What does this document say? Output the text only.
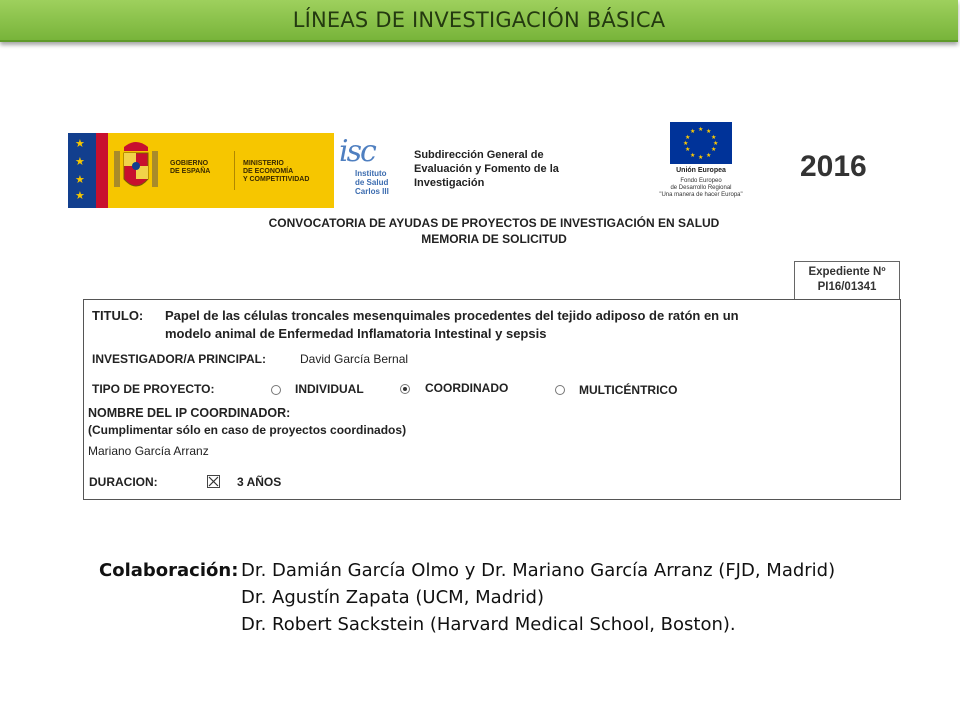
LÍNEAS DE INVESTIGACIÓN BÁSICA
★
★
★
★
GOBIERNO
DE ESPAÑA
MINISTERIO
DE ECONOMÍA
Y COMPETITIVIDAD
isc
Instituto
de Salud
Carlos III
Subdirección General de
Evaluación y Fomento de la
Investigación
★ ★
★
★
★
★
★
★
★
★
★
★
Unión Europea
Fondo Europeo
de Desarrollo Regional
"Una manera de hacer Europa"
2016
CONVOCATORIA DE AYUDAS DE PROYECTOS DE INVESTIGACIÓN EN SALUD
MEMORIA DE SOLICITUD
Expediente Nº
PI16/01341
TITULO: Papel de las células troncales mesenquimales procedentes del tejido adiposo de ratón en un
modelo animal de Enfermedad Inflamatoria Intestinal y sepsis
INVESTIGADOR/A PRINCIPAL:	David García Bernal
TIPO DE PROYECTO:	INDIVIDUAL	COORDINADO	MULTICÉNTRICO
NOMBRE DEL IP COORDINADOR:
(Cumplimentar sólo en caso de proyectos coordinados)
Mariano García Arranz
DURACION:	3 AÑOS
Colaboración: Dr. Damián García Olmo y Dr. Mariano García Arranz (FJD, Madrid)
Dr. Agustín Zapata (UCM, Madrid)
Dr. Robert Sackstein (Harvard Medical School, Boston).
